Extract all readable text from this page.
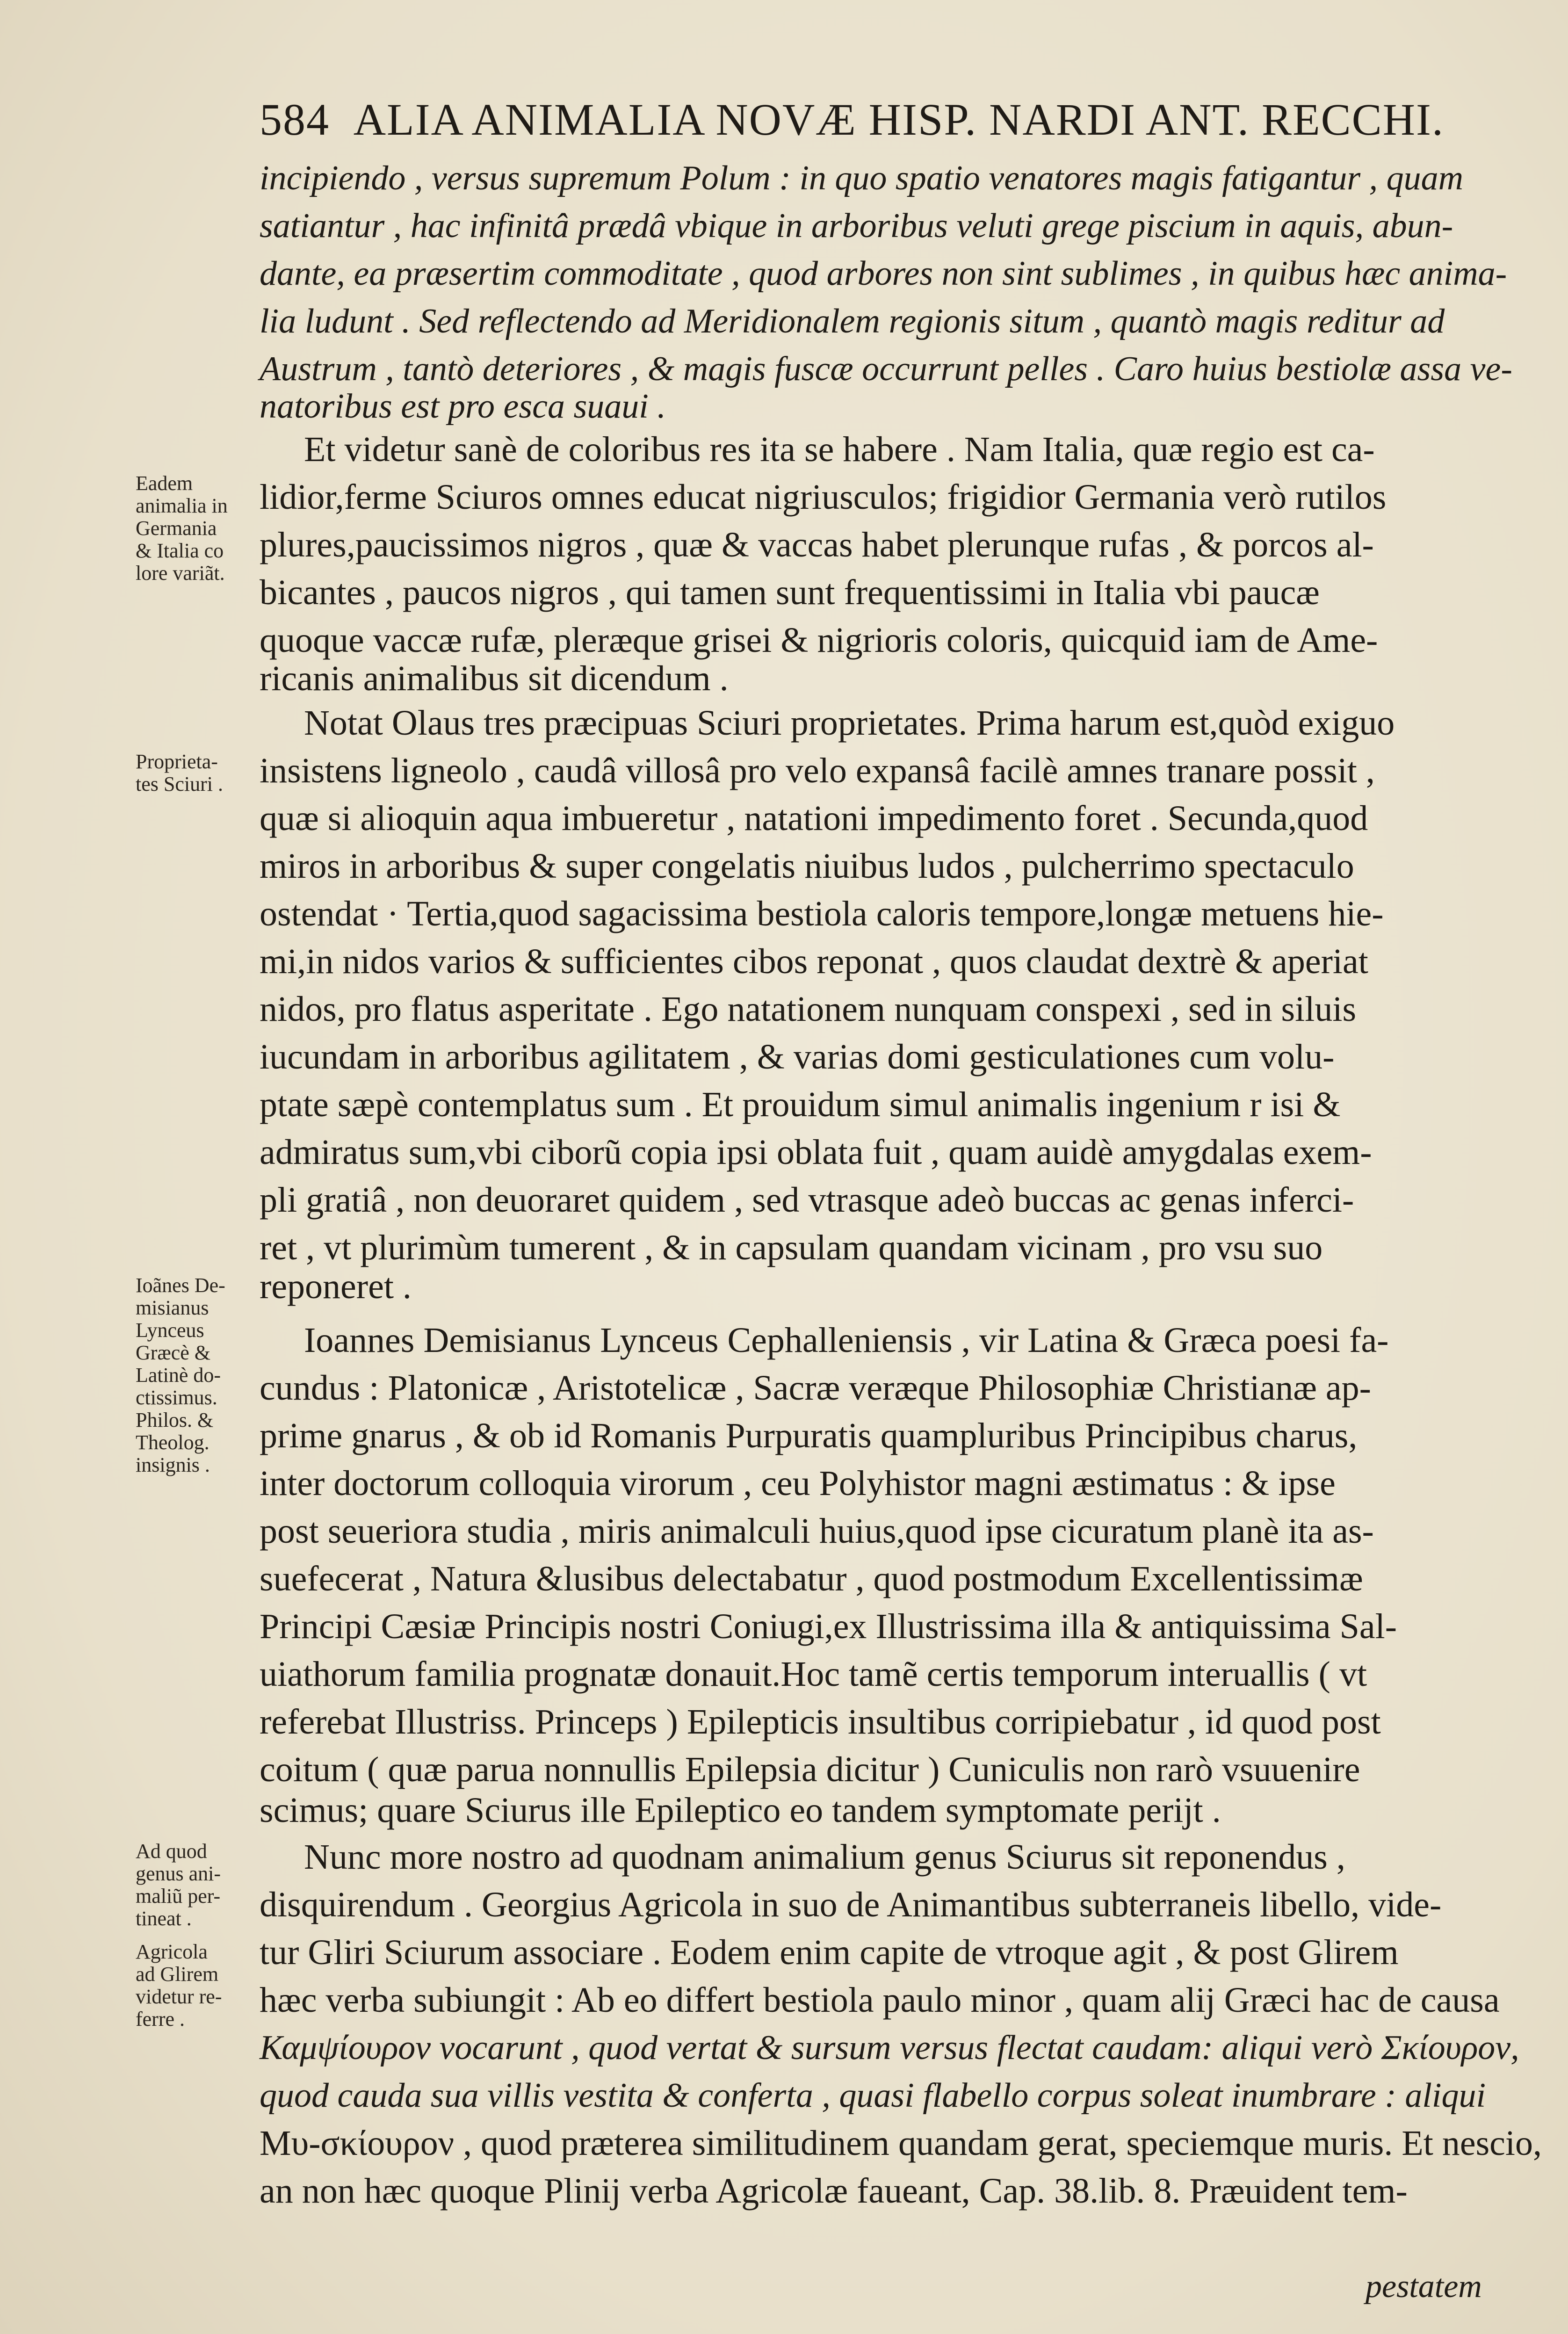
584 ALIA ANIMALIA NOVÆ HISP. NARDI ANT. RECCHI.
incipiendo , versus supremum Polum : in quo spatio venatores magis fatigantur , quam
satiantur , hac infinitâ prædâ vbique in arboribus veluti grege piscium in aquis, abun-
dante, ea præsertim commoditate , quod arbores non sint sublimes , in quibus hæc anima-
lia ludunt . Sed reflectendo ad Meridionalem regionis situm , quantò magis reditur ad
Austrum , tantò deteriores , & magis fuscæ occurrunt pelles . Caro huius bestiolæ assa ve-
natoribus est pro esca suaui .
Et videtur sanè de coloribus res ita se habere . Nam Italia, quæ regio est ca-
lidior,ferme Sciuros omnes educat nigriusculos; frigidior Germania verò rutilos
plures,paucissimos nigros , quæ & vaccas habet plerunque rufas , & porcos al-
bicantes , paucos nigros , qui tamen sunt frequentissimi in Italia vbi paucæ
quoque vaccæ rufæ, pleræque grisei & nigrioris coloris, quicquid iam de Ame-
ricanis animalibus sit dicendum .
Notat Olaus tres præcipuas Sciuri proprietates. Prima harum est,quòd exiguo
insistens ligneolo , caudâ villosâ pro velo expansâ facilè amnes tranare possit ,
quæ si alioquin aqua imbueretur , natationi impedimento foret . Secunda,quod
miros in arboribus & super congelatis niuibus ludos , pulcherrimo spectaculo
ostendat · Tertia,quod sagacissima bestiola caloris tempore,longæ metuens hie-
mi,in nidos varios & sufficientes cibos reponat , quos claudat dextrè & aperiat
nidos, pro flatus asperitate . Ego natationem nunquam conspexi , sed in siluis
iucundam in arboribus agilitatem , & varias domi gesticulationes cum volu-
ptate sæpè contemplatus sum . Et prouidum simul animalis ingenium r isi &
admiratus sum,vbi ciborũ copia ipsi oblata fuit , quam auidè amygdalas exem-
pli gratiâ , non deuoraret quidem , sed vtrasque adeò buccas ac genas inferci-
ret , vt plurimùm tumerent , & in capsulam quandam vicinam , pro vsu suo
reponeret .
Ioannes Demisianus Lynceus Cephalleniensis , vir Latina & Græca poesi fa-
cundus : Platonicæ , Aristotelicæ , Sacræ veræque Philosophiæ Christianæ ap-
prime gnarus , & ob id Romanis Purpuratis quampluribus Principibus charus,
inter doctorum colloquia virorum , ceu Polyhistor magni æstimatus : & ipse
post seueriora studia , miris animalculi huius,quod ipse cicuratum planè ita as-
suefecerat , Natura &lusibus delectabatur , quod postmodum Excellentissimæ
Principi Cæsiæ Principis nostri Coniugi,ex Illustrissima illa & antiquissima Sal-
uiathorum familia prognatæ donauit.Hoc tamẽ certis temporum interuallis ( vt
referebat Illustriss. Princeps ) Epilepticis insultibus corripiebatur , id quod post
coitum ( quæ parua nonnullis Epilepsia dicitur ) Cuniculis non rarò vsuuenire
scimus; quare Sciurus ille Epileptico eo tandem symptomate perijt .
Nunc more nostro ad quodnam animalium genus Sciurus sit reponendus ,
disquirendum . Georgius Agricola in suo de Animantibus subterraneis libello, vide-
tur Gliri Sciurum associare . Eodem enim capite de vtroque agit , & post Glirem
hæc verba subiungit : Ab eo differt bestiola paulo minor , quam alij Græci hac de causa
Καμψίουρον vocarunt , quod vertat & sursum versus flectat caudam: aliqui verò Σκίουρον,
quod cauda sua villis vestita & conferta , quasi flabello corpus soleat inumbrare : aliqui
Μυ-σκίουρον , quod præterea similitudinem quandam gerat, speciemque muris. Et nescio,
an non hæc quoque Plinij verba Agricolæ faueant, Cap. 38.lib. 8. Præuident tem-
pestatem
Eadem
animalia in
Germania
& Italia co
lore variãt.
Proprieta-
tes Sciuri .
Ioãnes De-
misianus
Lynceus
Græcè &
Latinè do-
ctissimus.
Philos. &
Theolog.
insignis .
Ad quod
genus ani-
maliũ per-
tineat .
Agricola
ad Glirem
videtur re-
ferre .
